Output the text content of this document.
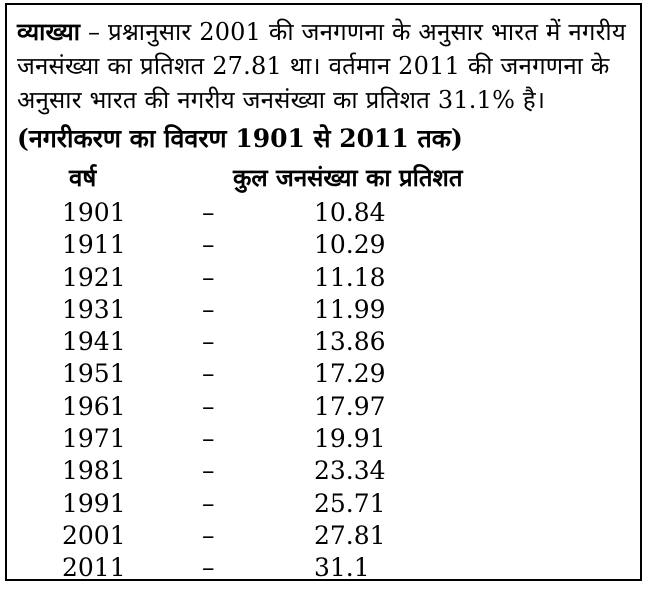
व्याख्या – प्रश्नानुसार 2001 की जनगणना के अनुसार भारत में नगरीय जनसंख्या का प्रतिशत 27.81 था। वर्तमान 2011 की जनगणना के अनुसार भारत की नगरीय जनसंख्या का प्रतिशत 31.1% है।
(नगरीकरण का विवरण 1901 से 2011 तक)
वर्ष	कुल जनसंख्या का प्रतिशत
1901	–	10.84
1911	–	10.29
1921	–	11.18
1931	–	11.99
1941	–	13.86
1951	–	17.29
1961	–	17.97
1971	–	19.91
1981	–	23.34
1991	–	25.71
2001	–	27.81
2011	–	31.1
